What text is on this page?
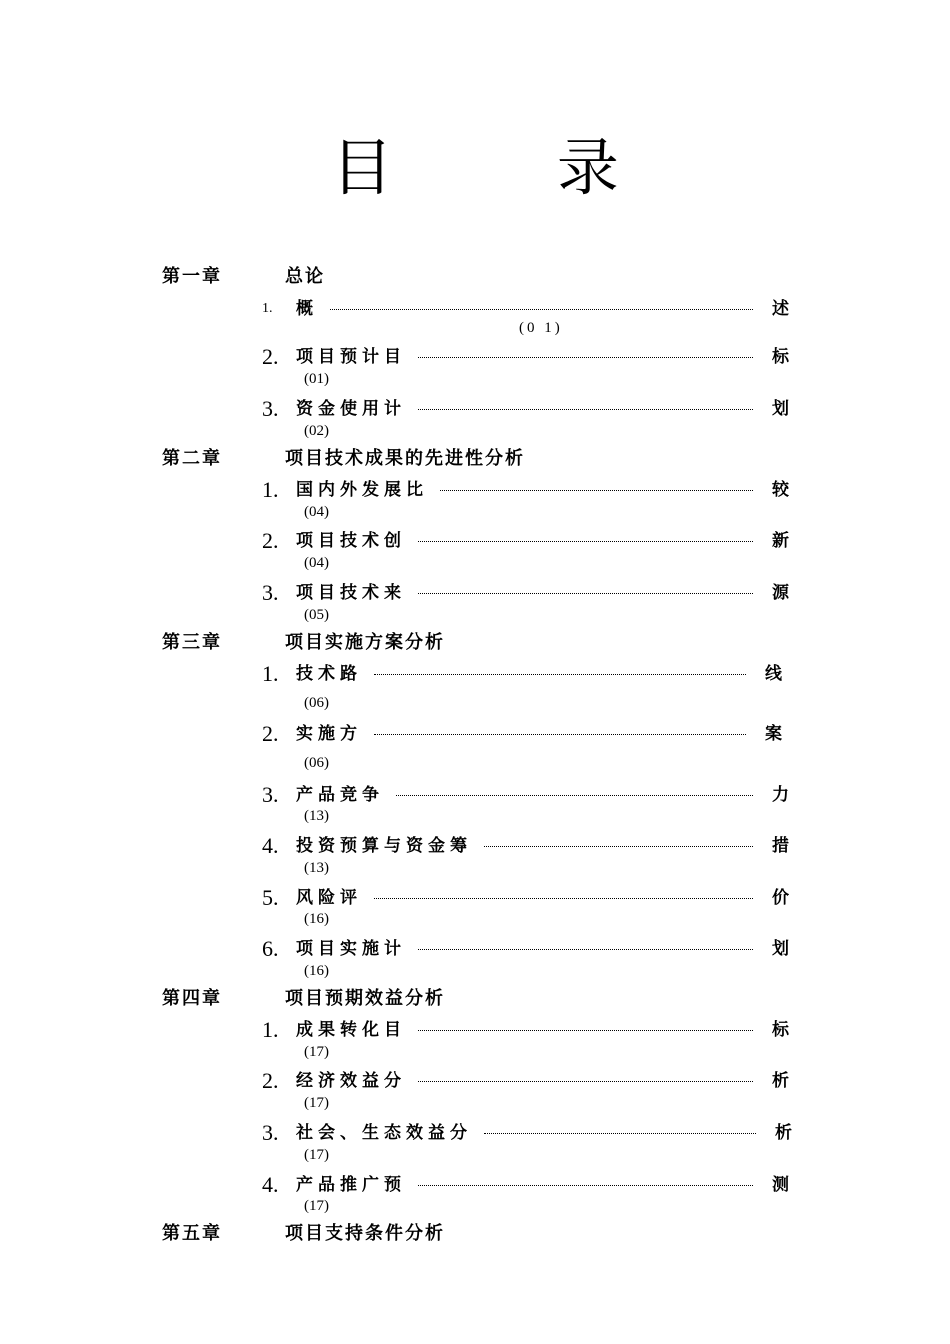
目 录
第一章	总论
1.	概	述
(0 1)
2.	项目预计目	标
(01)
3.	资金使用计	划
(02)
第二章	项目技术成果的先进性分析
1.	国内外发展比	较
(04)
2.	项目技术创	新
(04)
3.	项目技术来	源
(05)
第三章	项目实施方案分析
1.	技术路	线
(06)
2.	实施方	案
(06)
3.	产品竞争	力
(13)
4.	投资预算与资金筹	措
(13)
5.	风险评	价
(16)
6.	项目实施计	划
(16)
第四章	项目预期效益分析
1.	成果转化目	标
(17)
2.	经济效益分	析
(17)
3.	社会、生态效益分	析
(17)
4.	产品推广预	测
(17)
第五章	项目支持条件分析
